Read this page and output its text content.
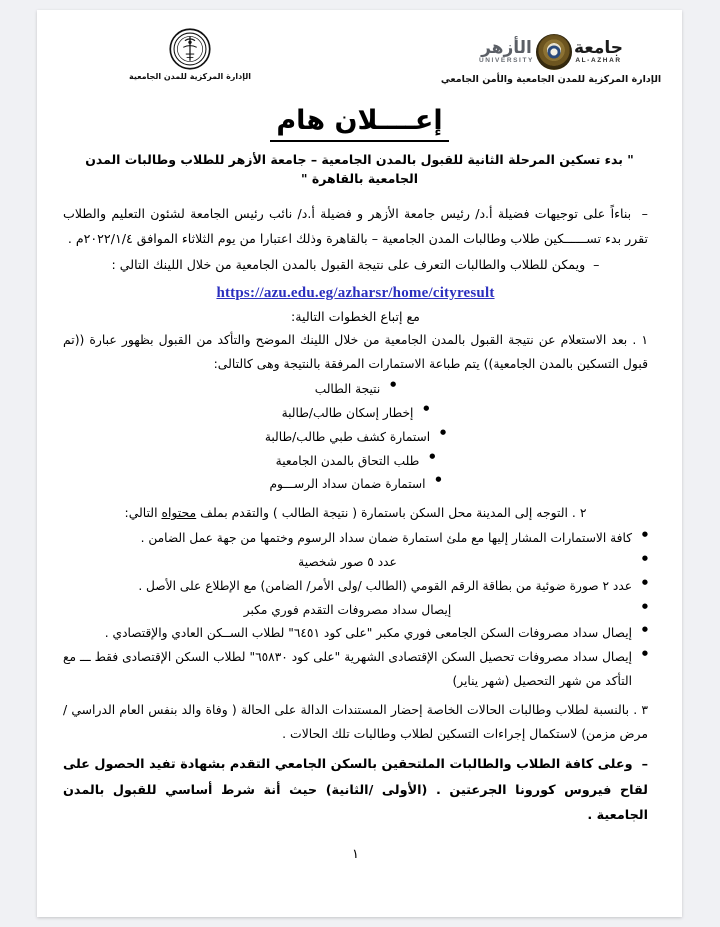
الإدارة المركزية للمدن الجامعية
جامعة
AL-AZHAR
الأزهر
UNIVERSITY
الإدارة المركزية للمدن الجامعية والأمن الجامعي
إعــــلان هام
" بدء تسكين المرحلة الثانية للقبول بالمدن الجامعية – جامعة الأزهر للطلاب وطالبات المدن الجامعية بالقاهرة "
–  بناءاً على توجيهات فضيلة أ.د/ رئيس جامعة الأزهر و فضيلة أ.د/ نائب رئيس الجامعة لشئون التعليم والطلاب تقرر بدء تســــــكين طلاب وطالبات المدن الجامعية – بالقاهرة وذلك اعتبارا من يوم الثلاثاء الموافق ٢٠٢٢/١/٤م .
–  ويمكن للطلاب والطالبات التعرف على نتيجة القبول بالمدن الجامعية من خلال اللينك التالي :
https://azu.edu.eg/azharsr/home/cityresult
مع إتباع الخطوات التالية:
١ . بعد الاستعلام عن نتيجة القبول بالمدن الجامعية من خلال اللينك الموضح والتأكد من القبول بظهور عبارة ((تم قبول التسكين بالمدن الجامعية)) يتم طباعة الاستمارات المرفقة بالنتيجة وهى كالتالى:
● نتيجة الطالب
● إخطار إسكان طالب/طالبة
● استمارة كشف طبي طالب/طالبة
● طلب التحاق بالمدن الجامعية
● استمارة ضمان سداد الرســـوم
٢ . التوجه إلى المدينة محل السكن باستمارة ( نتيجة الطالب ) والتقدم بملف محتواه التالي:
● كافة الاستمارات المشار إليها مع ملئ استمارة ضمان سداد الرسوم وختمها من جهة عمل الضامن .
● عدد ٥ صور شخصية
● عدد ٢ صورة ضوئية من بطاقة الرقم القومي (الطالب /ولى الأمر/ الضامن) مع الإطلاع على الأصل .
● إيصال سداد مصروفات التقدم فوري مكبر
● إيصال سداد مصروفات السكن الجامعى فوري مكبر "على كود ٦٤٥١" لطلاب الســكن العادي والإقتصادي .
● إيصال سداد مصروفات تحصيل السكن الإقتصادى الشهرية "على كود ٦٥٨٣٠" لطلاب السكن الإقتصادى فقط ـــ مع التأكد من شهر التحصيل (شهر يناير)
٣ . بالنسبة لطلاب وطالبات الحالات الخاصة إحضار المستندات الدالة على الحالة ( وفاة والد بنفس العام الدراسي / مرض مزمن) لاستكمال إجراءات التسكين لطلاب وطالبات تلك الحالات .
–  وعلى كافة الطلاب والطالبات الملتحقين بالسكن الجامعي التقدم بشهادة تفيد الحصول على لقاح فيروس كورونا الجرعتين . (الأولى /الثانية) حيث أنة شرط أساسي للقبول بالمدن الجامعية .
١
